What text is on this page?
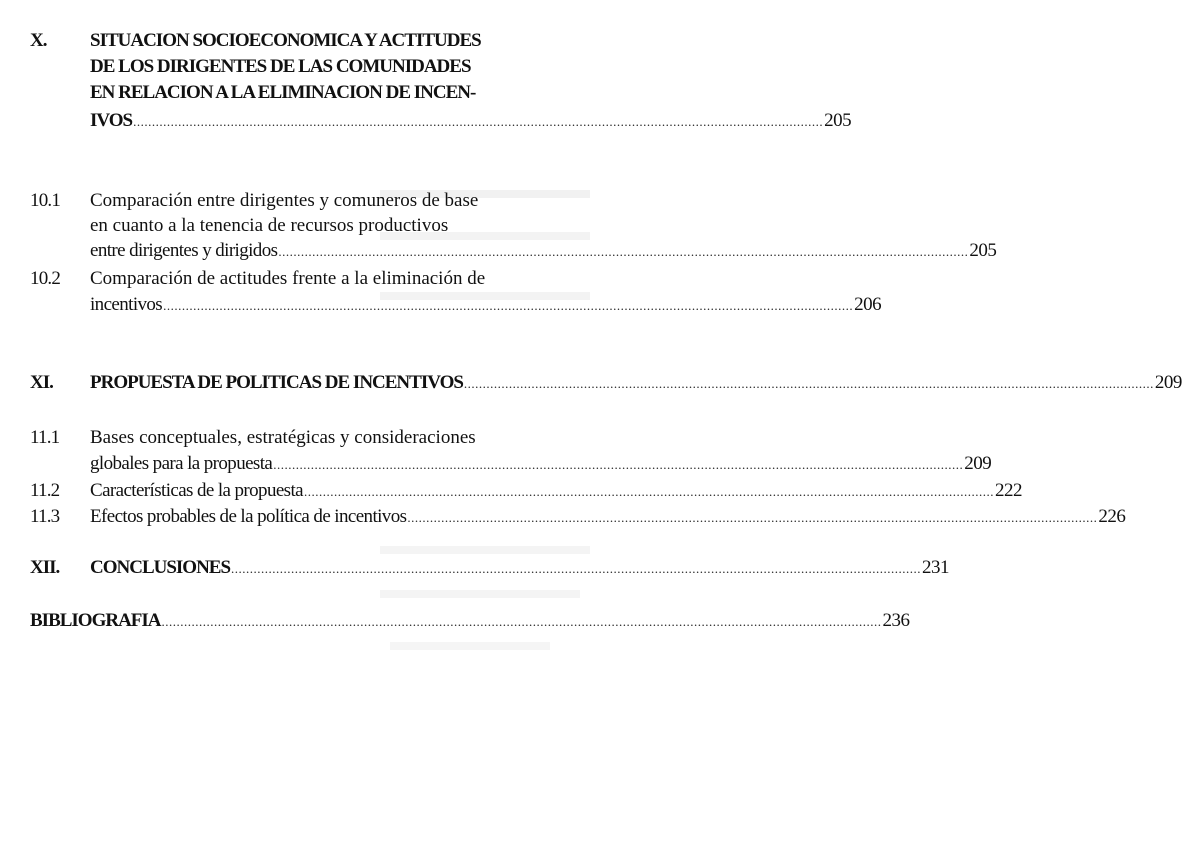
X. SITUACION SOCIOECONOMICA Y ACTITUDES
DE LOS DIRIGENTES DE LAS COMUNIDADES
EN RELACION A LA ELIMINACION DE INCEN-
IVOS ........................................................................................................................................................................................ 205
10.1 Comparación entre dirigentes y comuneros de base
en cuanto a la tenencia de recursos productivos
entre dirigentes y dirigidos ........................................................................................................................................................................................ 205
10.2 Comparación de actitudes frente a la eliminación de
incentivos ........................................................................................................................................................................................ 206
XI. PROPUESTA DE POLITICAS DE INCENTIVOS ........................................................................................................................................................................................ 209
11.1 Bases conceptuales, estratégicas y consideraciones
globales para la propuesta ........................................................................................................................................................................................ 209
11.2 Características de la propuesta ........................................................................................................................................................................................ 222
11.3 Efectos probables de la política de incentivos ........................................................................................................................................................................................ 226
XII. CONCLUSIONES ........................................................................................................................................................................................ 231
BIBLIOGRAFIA ................................................................................................................................................................................................ 236
